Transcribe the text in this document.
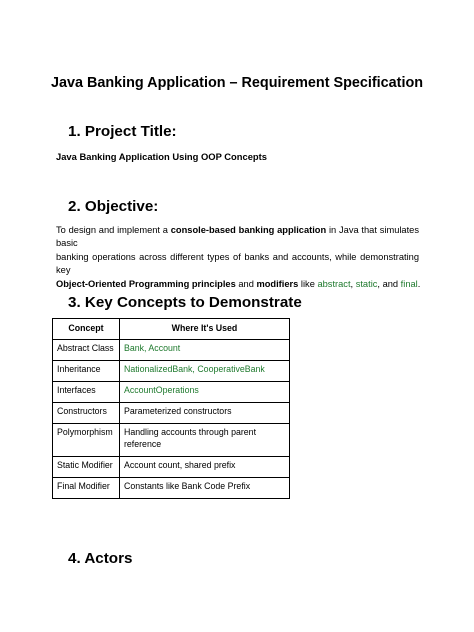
Java Banking Application – Requirement Specification
1. Project Title:
Java Banking Application Using OOP Concepts
2. Objective:
To design and implement a console-based banking application in Java that simulates basic
banking operations across different types of banks and accounts, while demonstrating key
Object-Oriented Programming principles and modifiers like abstract, static, and final.
3. Key Concepts to Demonstrate
Concept	Where It's Used
Abstract Class	Bank, Account
Inheritance	NationalizedBank, CooperativeBank
Interfaces	AccountOperations
Constructors	Parameterized constructors
Polymorphism	Handling accounts through parent reference
Static Modifier	Account count, shared prefix
Final Modifier	Constants like Bank Code Prefix
4. Actors
